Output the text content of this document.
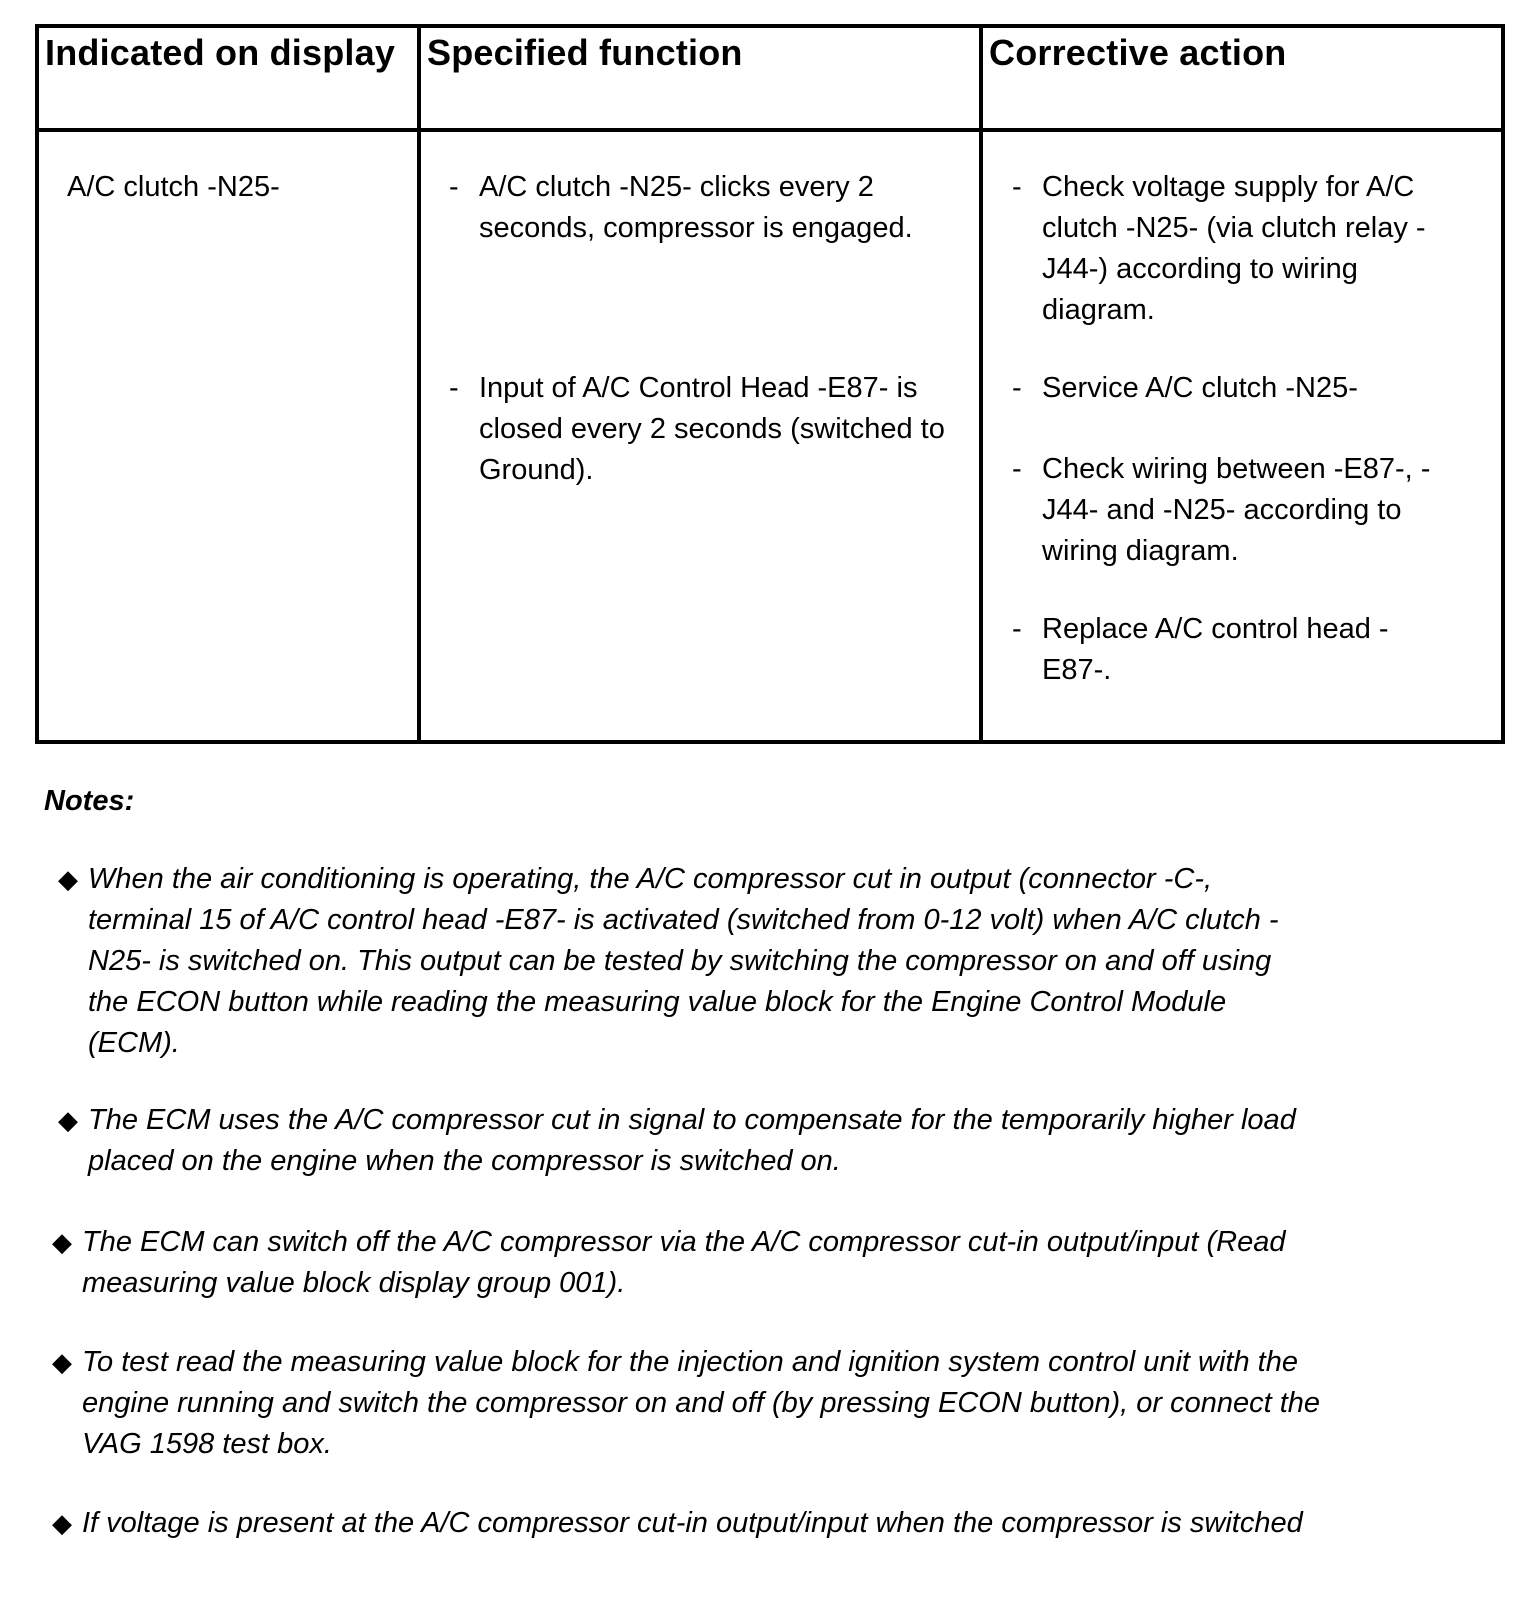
Indicated on display Specified function	Corrective action
A/C clutch -N25-	- A/C clutch -N25- clicks every 2 seconds, compressor is engaged.
- Input of A/C Control Head -E87- is closed every 2 seconds (switched to Ground).
- Check voltage supply for A/C clutch -N25- (via clutch relay -J44-) according to wiring diagram.
- Service A/C clutch -N25-
- Check wiring between -E87-, -J44- and -N25- according to wiring diagram.
- Replace A/C control head -E87-.
Notes:
◆ When the air conditioning is operating, the A/C compressor cut in output (connector -C-, terminal 15 of A/C control head -E87- is activated (switched from 0-12 volt) when A/C clutch - N25- is switched on. This output can be tested by switching the compressor on and off using the ECON button while reading the measuring value block for the Engine Control Module (ECM).
◆ The ECM uses the A/C compressor cut in signal to compensate for the temporarily higher load placed on the engine when the compressor is switched on.
◆ The ECM can switch off the A/C compressor via the A/C compressor cut-in output/input (Read measuring value block display group 001).
◆ To test read the measuring value block for the injection and ignition system control unit with the engine running and switch the compressor on and off (by pressing ECON button), or connect the VAG 1598 test box.
◆ If voltage is present at the A/C compressor cut-in output/input when the compressor is switched
